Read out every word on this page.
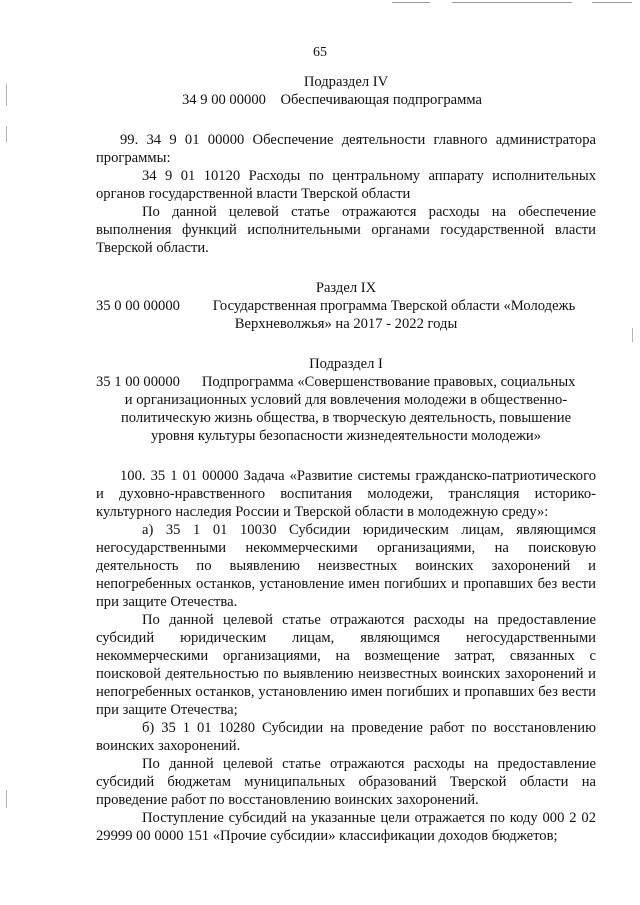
65

Подраздел IV

34 9 00 00000 Обеспечивающая подпрограмма

99. 34 9 01 00000 Обеспечение деятельности главного администратора программы:

34 9 01 10120 Расходы по центральному аппарату исполнительных органов государственной власти Тверской области

По данной целевой статье отражаются расходы на обеспечение выполнения функций исполнительными органами государственной власти Тверской области.

Раздел IX

35 0 00 00000 Государственная программа Тверской области «Молодежь

Верхневолжья» на 2017 - 2022 годы

Подраздел I

35 1 00 00000 Подпрограмма «Совершенствование правовых, социальных

и организационных условий для вовлечения молодежи в общественно-

политическую жизнь общества, в творческую деятельность, повышение

уровня культуры безопасности жизнедеятельности молодежи»

100. 35 1 01 00000 Задача «Развитие системы гражданско-патриотического и духовно-нравственного воспитания молодежи, трансляция историко-культурного наследия России и Тверской области в молодежную среду»:

а) 35 1 01 10030 Субсидии юридическим лицам, являющимся негосударственными некоммерческими организациями, на поисковую деятельность по выявлению неизвестных воинских захоронений и непогребенных останков, установление имен погибших и пропавших без вести при защите Отечества.

По данной целевой статье отражаются расходы на предоставление субсидий юридическим лицам, являющимся негосударственными некоммерческими организациями, на возмещение затрат, связанных с поисковой деятельностью по выявлению неизвестных воинских захоронений и непогребенных останков, установлению имен погибших и пропавших без вести при защите Отечества;

б) 35 1 01 10280 Субсидии на проведение работ по восстановлению воинских захоронений.

По данной целевой статье отражаются расходы на предоставление субсидий бюджетам муниципальных образований Тверской области на проведение работ по восстановлению воинских захоронений.

Поступление субсидий на указанные цели отражается по коду 000 2 02 29999 00 0000 151 «Прочие субсидии» классификации доходов бюджетов;
